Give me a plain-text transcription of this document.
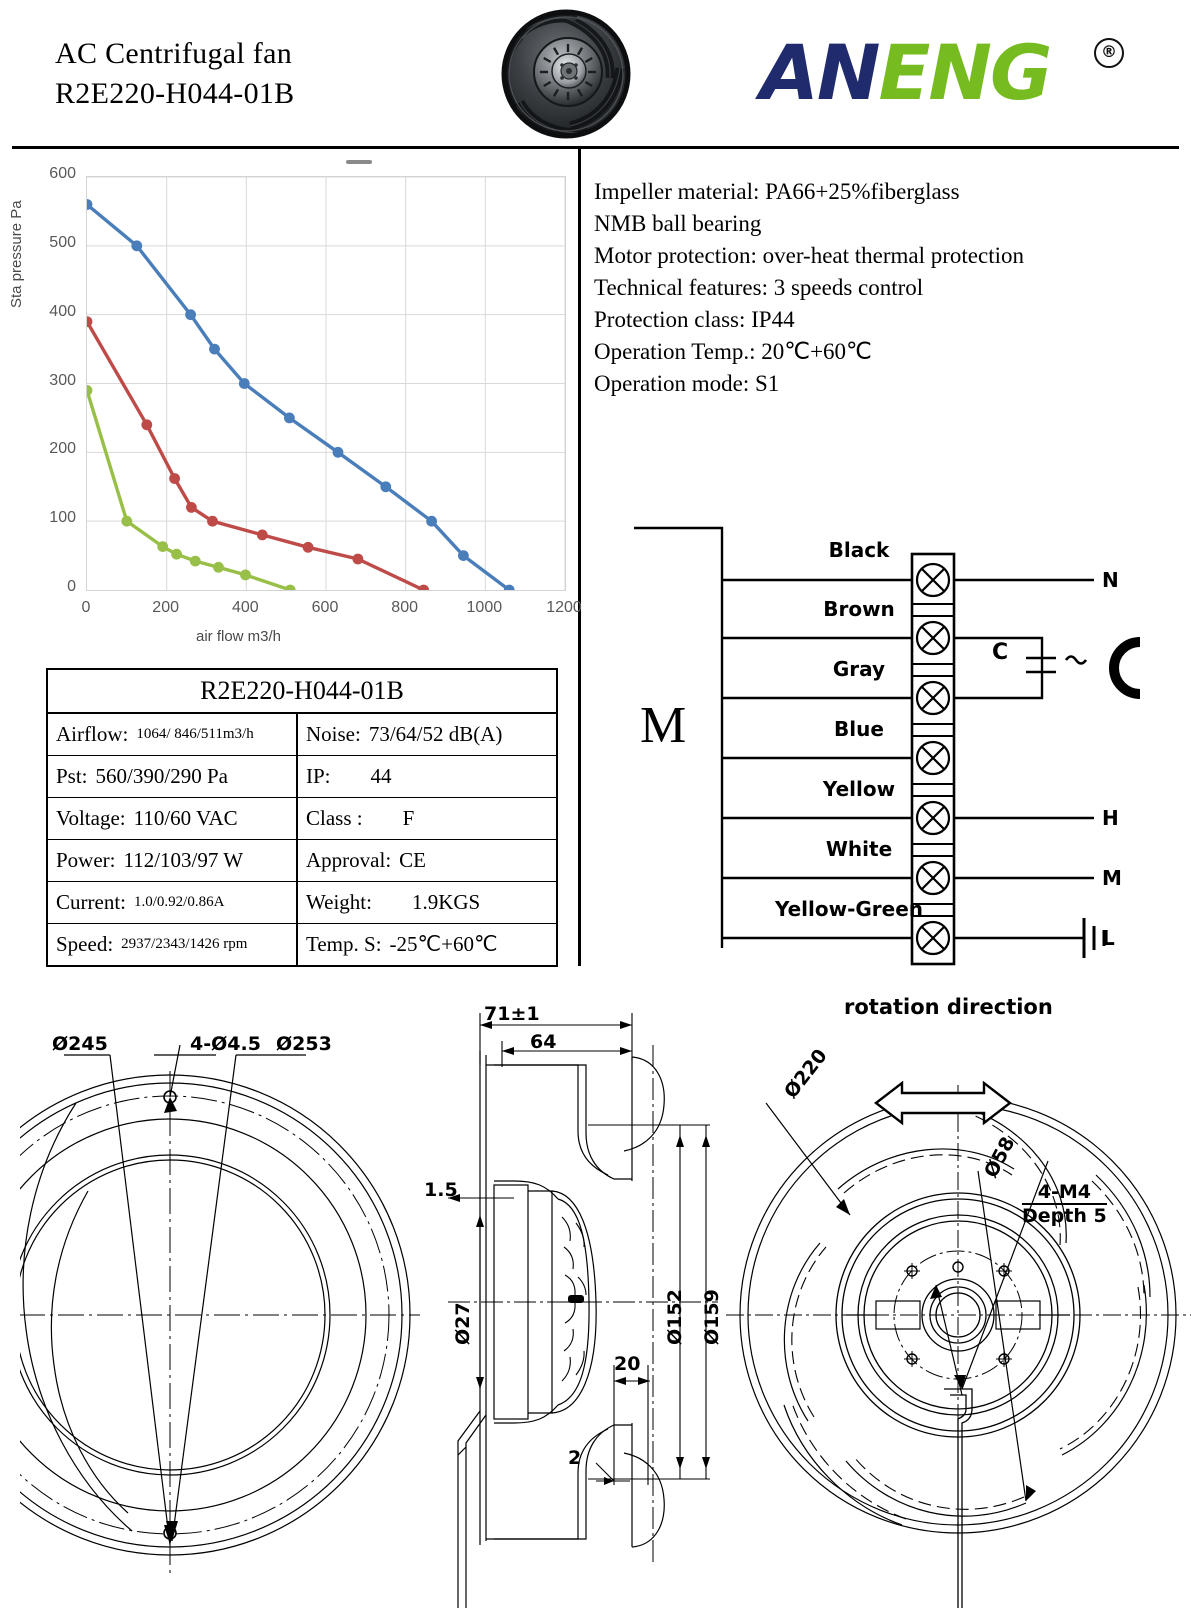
AC Centrifugal fan
R2E220-H044-01B	ANENG	®
Sta pressure Pa
0
100
200
300
400
500
600
0	200	400	600	800	1000	1200
air flow m3/h
R2E220-H044-01B
Airflow: 1064/ 846/511m3/h Noise: 73/64/52 dB(A)
Pst: 560/390/290 Pa	IP: 44
Voltage: 110/60 VAC	Class : F
Power: 112/103/97 W	Approval: CE
Current: 1.0/0.92/0.86A	Weight: 1.9KGS
Speed: 2937/2343/1426 rpm	Temp. S: -25℃+60℃
Impeller material: PA66+25%fiberglass
NMB ball bearing
Motor protection: over-heat thermal protection
Technical features: 3 speeds control
Protection class: IP44
Operation Temp.: 20℃+60℃
Operation mode: S1
M
C
Black
Brown
Gray
Blue
Yellow
White
Yellow-Green
N
H
M
L
Ø245	4-Ø4.5 Ø253
71±1
64
1.5
Ø27	Ø152 Ø159
20
2
rotation direction
Ø220
Ø58
4-M4
Depth 5
